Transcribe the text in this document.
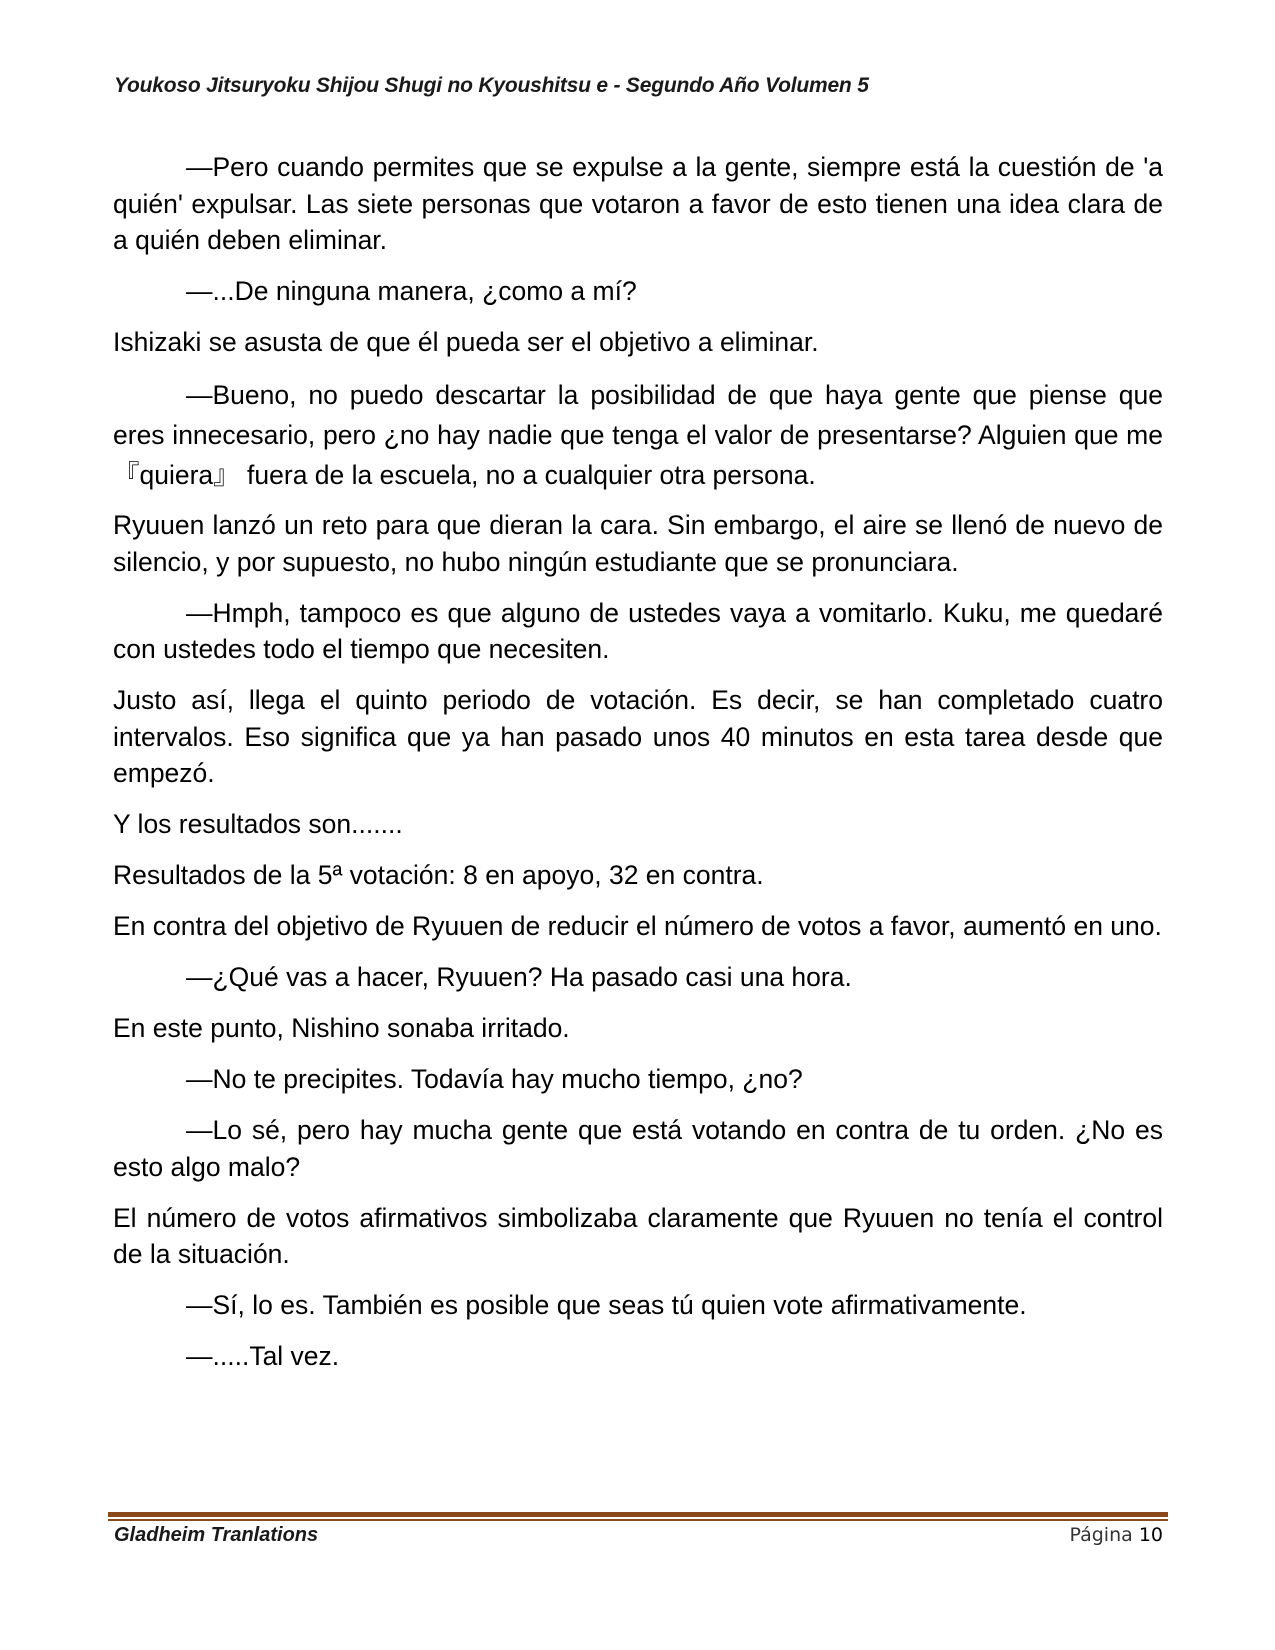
Youkoso Jitsuryoku Shijou Shugi no Kyoushitsu e - Segundo Año Volumen 5

—Pero cuando permites que se expulse a la gente, siempre está la cuestión de 'a quién' expulsar. Las siete personas que votaron a favor de esto tienen una idea clara de a quién deben eliminar.

—...De ninguna manera, ¿como a mí?

Ishizaki se asusta de que él pueda ser el objetivo a eliminar.

—Bueno, no puedo descartar la posibilidad de que haya gente que piense que eres innecesario, pero ¿no hay nadie que tenga el valor de presentarse? Alguien que me 『quiera』 fuera de la escuela, no a cualquier otra persona.

Ryuuen lanzó un reto para que dieran la cara. Sin embargo, el aire se llenó de nuevo de silencio, y por supuesto, no hubo ningún estudiante que se pronunciara.

—Hmph, tampoco es que alguno de ustedes vaya a vomitarlo. Kuku, me quedaré con ustedes todo el tiempo que necesiten.

Justo así, llega el quinto periodo de votación. Es decir, se han completado cuatro intervalos. Eso significa que ya han pasado unos 40 minutos en esta tarea desde que empezó.

Y los resultados son.......

Resultados de la 5ª votación: 8 en apoyo, 32 en contra.

En contra del objetivo de Ryuuen de reducir el número de votos a favor, aumentó en uno.

—¿Qué vas a hacer, Ryuuen? Ha pasado casi una hora.

En este punto, Nishino sonaba irritado.

—No te precipites. Todavía hay mucho tiempo, ¿no?

—Lo sé, pero hay mucha gente que está votando en contra de tu orden. ¿No es esto algo malo?

El número de votos afirmativos simbolizaba claramente que Ryuuen no tenía el control de la situación.

—Sí, lo es. También es posible que seas tú quien vote afirmativamente.

—.....Tal vez.

Gladheim Tranlations	Página 10
